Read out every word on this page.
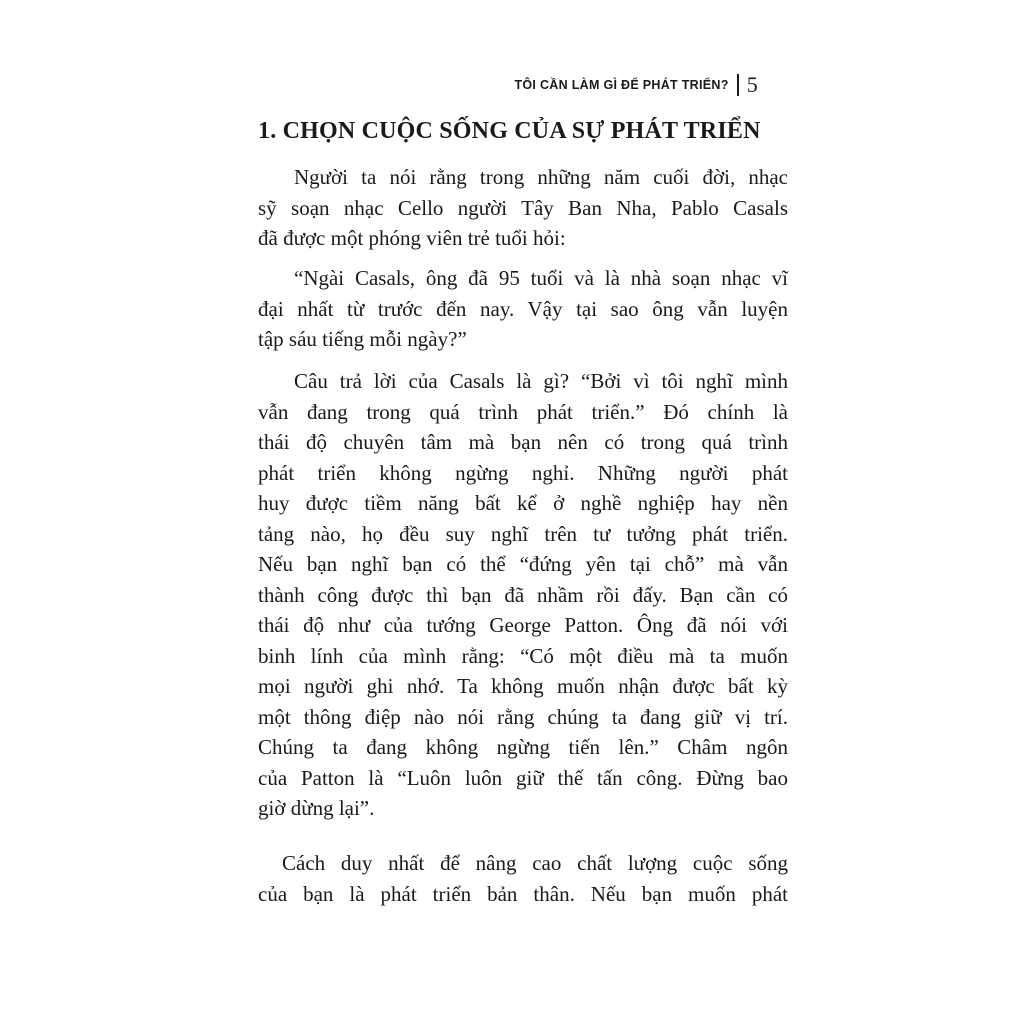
TÔI CẦN LÀM GÌ ĐỂ PHÁT TRIỂN? 5
1. CHỌN CUỘC SỐNG CỦA SỰ PHÁT TRIỂN

Người ta nói rằng trong những năm cuối đời, nhạc
sỹ soạn nhạc Cello người Tây Ban Nha, Pablo Casals
đã được một phóng viên trẻ tuổi hỏi:

“Ngài Casals, ông đã 95 tuổi và là nhà soạn nhạc vĩ
đại nhất từ trước đến nay. Vậy tại sao ông vẫn luyện
tập sáu tiếng mỗi ngày?”

Câu trả lời của Casals là gì? “Bởi vì tôi nghĩ mình
vẫn đang trong quá trình phát triển.” Đó chính là
thái độ chuyên tâm mà bạn nên có trong quá trình
phát triển không ngừng nghỉ. Những người phát
huy được tiềm năng bất kể ở nghề nghiệp hay nền
tảng nào, họ đều suy nghĩ trên tư tưởng phát triển.
Nếu bạn nghĩ bạn có thể “đứng yên tại chỗ” mà vẫn
thành công được thì bạn đã nhầm rồi đấy. Bạn cần có
thái độ như của tướng George Patton. Ông đã nói với
binh lính của mình rằng: “Có một điều mà ta muốn
mọi người ghi nhớ. Ta không muốn nhận được bất kỳ
một thông điệp nào nói rằng chúng ta đang giữ vị trí.
Chúng ta đang không ngừng tiến lên.” Châm ngôn
của Patton là “Luôn luôn giữ thế tấn công. Đừng bao
giờ dừng lại”.

Cách duy nhất để nâng cao chất lượng cuộc sống
của bạn là phát triển bản thân. Nếu bạn muốn phát
